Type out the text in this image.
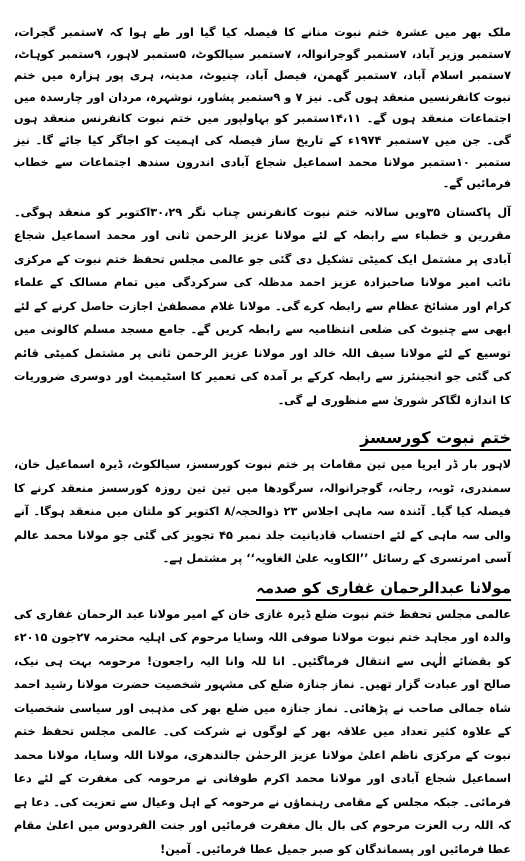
ملک بھر میں عشرہ ختم نبوت منانے کا فیصلہ کیا گیا اور طے ہوا کہ ۷ستمبر گجرات، ۷ستمبر وزیر آباد، ۷ستمبر گوجرانوالہ، ۷ستمبر سیالکوٹ، ۵ستمبر لاہور، ۹ستمبر کوہاٹ، ۷ستمبر اسلام آباد، ۷ستمبر گھمن، فیصل آباد، چنیوٹ، مدینہ، ہری پور ہزارہ میں ختم نبوت کانفرنسیں منعقد ہوں گی۔ نیز ۷ و ۹ستمبر پشاور، نوشہرہ، مردان اور چارسدہ میں اجتماعات منعقد ہوں گے۔ ۱۴،۱۱ستمبر کو بہاولپور میں ختم نبوت کانفرنس منعقد ہوں گی۔ جن میں ۷ستمبر ۱۹۷۴ء کے تاریخ ساز فیصلہ کی اہمیت کو اجاگر کیا جائے گا۔ نیز ستمبر ۱۰ستمبر مولانا محمد اسماعیل شجاع آبادی اندرون سندھ اجتماعات سے خطاب فرمائیں گے۔

آل پاکستان ۳۵ویں سالانہ ختم نبوت کانفرنس چناب نگر ۳۰،۲۹اکتوبر کو منعقد ہوگی۔ مقررین و خطباء سے رابطہ کے لئے مولانا عزیز الرحمن ثانی اور محمد اسماعیل شجاع آبادی پر مشتمل ایک کمیٹی تشکیل دی گئی جو عالمی مجلس تحفظ ختم نبوت کے مرکزی نائب امیر مولانا صاحبزادہ عزیز احمد مدظلہ کی سرکردگی میں تمام مسالک کے علماء کرام اور مشائخ عظام سے رابطہ کرے گی۔ مولانا غلام مصطفیٰ اجازت حاصل کرنے کے لئے ابھی سے چنیوٹ کی ضلعی انتظامیہ سے رابطہ کریں گے۔ جامع مسجد مسلم کالونی میں توسیع کے لئے مولانا سیف اللہ خالد اور مولانا عزیز الرحمن ثانی پر مشتمل کمیٹی قائم کی گئی جو انجینئرز سے رابطہ کرکے بر آمدہ کی تعمیر کا اسٹیمیٹ اور دوسری ضروریات کا اندازہ لگاکر شوریٰ سے منظوری لے گی۔

ختم نبوت کورسسز

لاہور بار ڈر ایریا میں تین مقامات پر ختم نبوت کورسسز، سیالکوٹ، ڈیرہ اسماعیل خان، سمندری، ٹوبہ، رجانہ، گوجرانوالہ، سرگودھا میں تین تین روزہ کورسسز منعقد کرنے کا فیصلہ کیا گیا۔ آئندہ سہ ماہی اجلاس ۲۳ ذوالحجہ/۸ اکتوبر کو ملتان میں منعقد ہوگا۔ آنے والی سہ ماہی کے لئے احتساب قادیانیت جلد نمبر ۴۵ تجویز کی گئی جو مولانا محمد عالم آسی امرتسری کے رسائل ’’الکاویہ علیٰ الغاویہ‘‘ پر مشتمل ہے۔

مولانا عبدالرحمان غفاری کو صدمہ

عالمی مجلس تحفظ ختم نبوت ضلع ڈیرہ غازی خان کے امیر مولانا عبد الرحمان غفاری کی والدہ اور مجاہد ختم نبوت مولانا صوفی اللہ وسایا مرحوم کی اہلیہ محترمہ ۲۷جون ۲۰۱۵ء کو بقضائے الٰہی سے انتقال فرماگئیں۔ انا للہ وانا الیہ راجعون! مرحومہ بہت ہی نیک، صالح اور عبادت گزار تھیں۔ نماز جنازہ ضلع کی مشہور شخصیت حضرت مولانا رشید احمد شاہ جمالی صاحب نے پڑھائی۔ نماز جنازہ میں ضلع بھر کی مذہبی اور سیاسی شخصیات کے علاوہ کثیر تعداد میں علاقہ بھر کے لوگوں نے شرکت کی۔ عالمی مجلس تحفظ ختم نبوت کے مرکزی ناظم اعلیٰ مولانا عزیز الرحمٰن جالندھری، مولانا اللہ وسایا، مولانا محمد اسماعیل شجاع آبادی اور مولانا محمد اکرم طوفانی نے مرحومہ کی مغفرت کے لئے دعا فرمائی۔ جبکہ مجلس کے مقامی رہنماؤں نے مرحومہ کے اہل وعیال سے تعزیت کی۔ دعا ہے کہ اللہ رب العزت مرحوم کی بال بال مغفرت فرمائیں اور جنت الفردوس میں اعلیٰ مقام عطا فرمائیں اور پسماندگان کو صبر جمیل عطا فرمائیں۔ آمین!
